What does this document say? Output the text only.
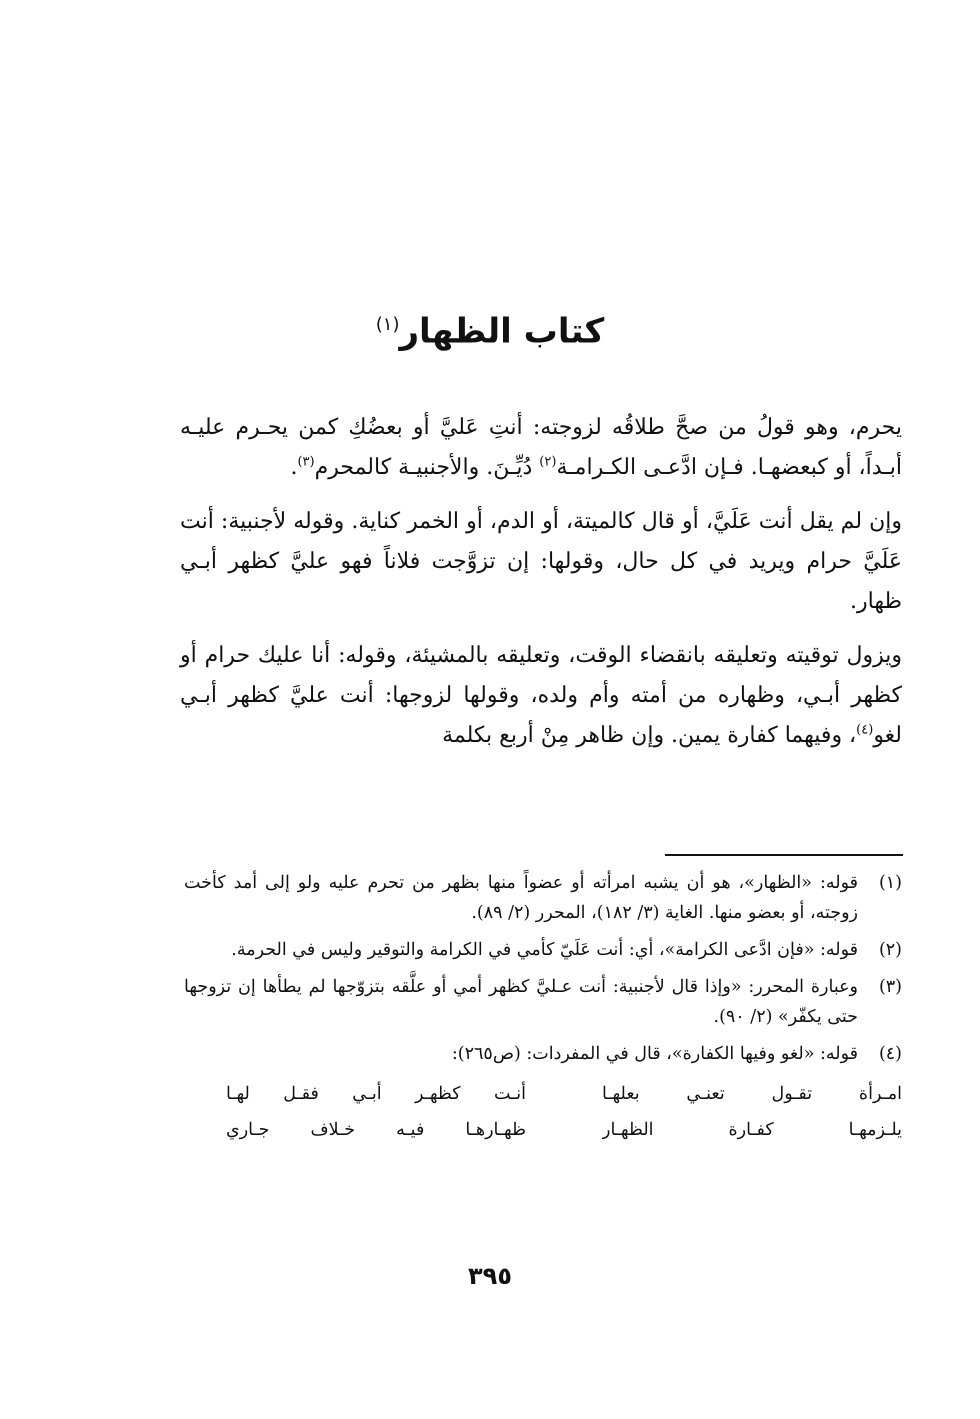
كتاب الظهار$^{(١)}$

يحرم، وهو قولُ من صحَّ طلاقُه لزوجته: أنتِ عَليَّ أو بعضُكِ كمن يحـرم عليـه أبـداً، أو كبعضهـا. فـإن ادَّعـى الكـرامـة$^{(٢)}$ دُيِّـنَ. والأجنبيـة كالمحرم$^{(٣)}$.

وإن لم يقل أنت عَلَيَّ، أو قال كالميتة، أو الدم، أو الخمر كناية. وقوله لأجنبية: أنت عَلَيَّ حرام ويريد في كل حال، وقولها: إن تزوَّجت فلاناً فهو عليَّ كظهر أبـي ظهار.

ويزول توقيته وتعليقه بانقضاء الوقت، وتعليقه بالمشيئة، وقوله: أنا عليك حرام أو كظهر أبـي، وظهاره من أمته وأم ولده، وقولها لزوجها: أنت عليَّ كظهر أبـي لغو$^{(٤)}$، وفيهما كفارة يمين. وإن ظاهر مِنْ أربع بكلمة

(١)
قوله: «الظهار»، هو أن يشبه امرأته أو عضواً منها بظهر من تحرم عليه ولو إلى أمد كأخت زوجته، أو بعضو منها. الغاية (٣/ ١٨٢)، المحرر (٢/ ٨٩).
(٢)
قوله: «فإن ادَّعى الكرامة»، أي: أنت عَلَيّ كأمي في الكرامة والتوقير وليس في الحرمة.
(٣)
وعبارة المحرر: «وإذا قال لأجنبية: أنت عـليَّ كظهر أمي أو علَّقه بتزوّجها لم يطأها إن تزوجها حتى يكفّر» (٢/ ٩٠).
(٤)
قوله: «لغو وفيها الكفارة»، قال في المفردات: (ص٢٦٥):
امـرأة تقـول تعنـي بعلهـا
أنـت كظهـر أبـي فقـل لهـا
يلـزمهـا كفـارة الظهـار
ظهـارهـا فيـه خـلاف جـاري
٣٩٥
